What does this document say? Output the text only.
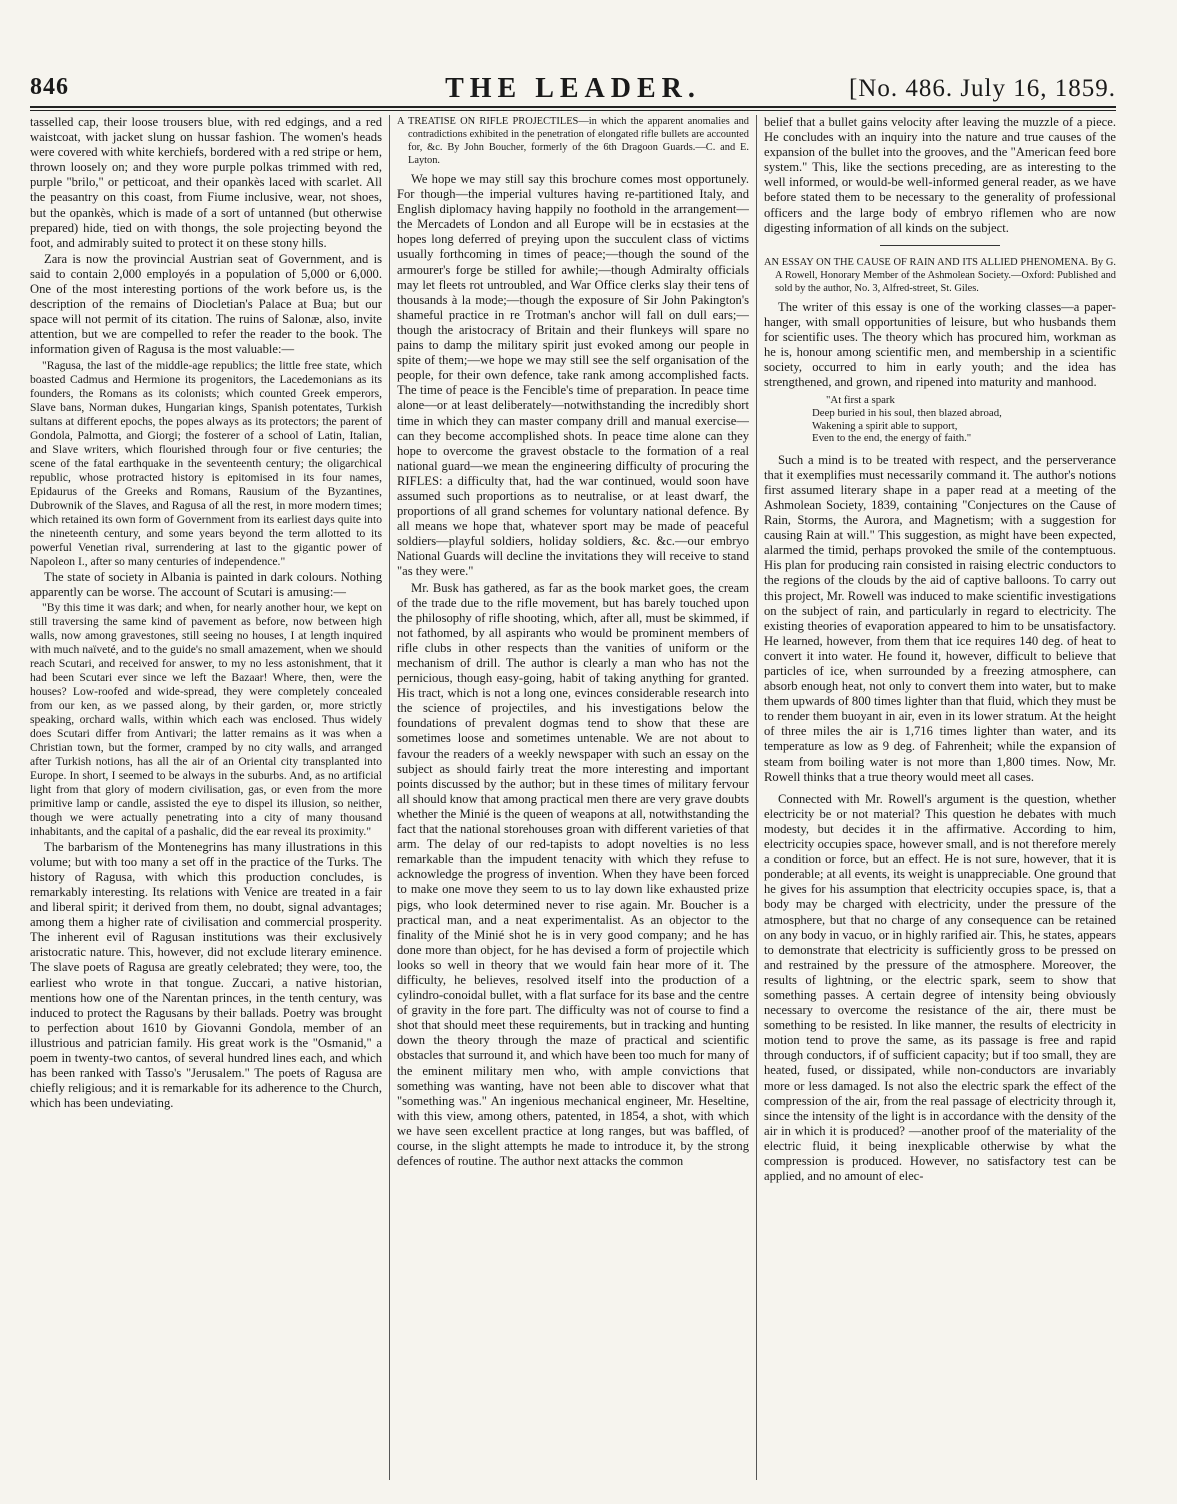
846	THE LEADER.	[No. 486. July 16, 1859.

tasselled cap, their loose trousers blue, with red edgings, and a red waistcoat, with jacket slung on hussar fashion. The women's heads were covered with white kerchiefs, bordered with a red stripe or hem, thrown loosely on; and they wore purple polkas trimmed with red, purple "brilo," or petticoat, and their opankès laced with scarlet. All the peasantry on this coast, from Fiume inclusive, wear, not shoes, but the opankès, which is made of a sort of untanned (but otherwise prepared) hide, tied on with thongs, the sole projecting beyond the foot, and admirably suited to protect it on these stony hills.

Zara is now the provincial Austrian seat of Government, and is said to contain 2,000 employés in a population of 5,000 or 6,000. One of the most interesting portions of the work before us, is the description of the remains of Diocletian's Palace at Bua; but our space will not permit of its citation. The ruins of Salonæ, also, invite attention, but we are compelled to refer the reader to the book. The information given of Ragusa is the most valuable:—

"Ragusa, the last of the middle-age republics; the little free state, which boasted Cadmus and Hermione its progenitors, the Lacedemonians as its founders, the Romans as its colonists; which counted Greek emperors, Slave bans, Norman dukes, Hungarian kings, Spanish potentates, Turkish sultans at different epochs, the popes always as its protectors; the parent of Gondola, Palmotta, and Giorgi; the fosterer of a school of Latin, Italian, and Slave writers, which flourished through four or five centuries; the scene of the fatal earthquake in the seventeenth century; the oligarchical republic, whose protracted history is epitomised in its four names, Epidaurus of the Greeks and Romans, Rausium of the Byzantines, Dubrownik of the Slaves, and Ragusa of all the rest, in more modern times; which retained its own form of Government from its earliest days quite into the nineteenth century, and some years beyond the term allotted to its powerful Venetian rival, surrendering at last to the gigantic power of Napoleon I., after so many centuries of independence."

The state of society in Albania is painted in dark colours. Nothing apparently can be worse. The account of Scutari is amusing:—

"By this time it was dark; and when, for nearly another hour, we kept on still traversing the same kind of pavement as before, now between high walls, now among gravestones, still seeing no houses, I at length inquired with much naïveté, and to the guide's no small amazement, when we should reach Scutari, and received for answer, to my no less astonishment, that it had been Scutari ever since we left the Bazaar! Where, then, were the houses? Low-roofed and wide-spread, they were completely concealed from our ken, as we passed along, by their garden, or, more strictly speaking, orchard walls, within which each was enclosed. Thus widely does Scutari differ from Antivari; the latter remains as it was when a Christian town, but the former, cramped by no city walls, and arranged after Turkish notions, has all the air of an Oriental city transplanted into Europe. In short, I seemed to be always in the suburbs. And, as no artificial light from that glory of modern civilisation, gas, or even from the more primitive lamp or candle, assisted the eye to dispel its illusion, so neither, though we were actually penetrating into a city of many thousand inhabitants, and the capital of a pashalic, did the ear reveal its proximity."

The barbarism of the Montenegrins has many illustrations in this volume; but with too many a set off in the practice of the Turks. The history of Ragusa, with which this production concludes, is remarkably interesting. Its relations with Venice are treated in a fair and liberal spirit; it derived from them, no doubt, signal advantages; among them a higher rate of civilisation and commercial prosperity. The inherent evil of Ragusan institutions was their exclusively aristocratic nature. This, however, did not exclude literary eminence. The slave poets of Ragusa are greatly celebrated; they were, too, the earliest who wrote in that tongue. Zuccari, a native historian, mentions how one of the Narentan princes, in the tenth century, was induced to protect the Ragusans by their ballads. Poetry was brought to perfection about 1610 by Giovanni Gondola, member of an illustrious and patrician family. His great work is the "Osmanid," a poem in twenty-two cantos, of several hundred lines each, and which has been ranked with Tasso's "Jerusalem." The poets of Ragusa are chiefly religious; and it is remarkable for its adherence to the Church, which has been undeviating.

A TREATISE ON RIFLE PROJECTILES—in which the apparent anomalies and contradictions exhibited in the penetration of elongated rifle bullets are accounted for, &c. By John Boucher, formerly of the 6th Dragoon Guards.—C. and E. Layton.

We hope we may still say this brochure comes most opportunely. For though—the imperial vultures having re-partitioned Italy, and English diplomacy having happily no foothold in the arrangement—the Mercadets of London and all Europe will be in ecstasies at the hopes long deferred of preying upon the succulent class of victims usually forthcoming in times of peace;—though the sound of the armourer's forge be stilled for awhile;—though Admiralty officials may let fleets rot untroubled, and War Office clerks slay their tens of thousands à la mode;—though the exposure of Sir John Pakington's shameful practice in re Trotman's anchor will fall on dull ears;—though the aristocracy of Britain and their flunkeys will spare no pains to damp the military spirit just evoked among our people in spite of them;—we hope we may still see the self organisation of the people, for their own defence, take rank among accomplished facts. The time of peace is the Fencible's time of preparation. In peace time alone—or at least deliberately—notwithstanding the incredibly short time in which they can master company drill and manual exercise—can they become accomplished shots. In peace time alone can they hope to overcome the gravest obstacle to the formation of a real national guard—we mean the engineering difficulty of procuring the RIFLES: a difficulty that, had the war continued, would soon have assumed such proportions as to neutralise, or at least dwarf, the proportions of all grand schemes for voluntary national defence. By all means we hope that, whatever sport may be made of peaceful soldiers—playful soldiers, holiday soldiers, &c. &c.—our embryo National Guards will decline the invitations they will receive to stand "as they were."

Mr. Busk has gathered, as far as the book market goes, the cream of the trade due to the rifle movement, but has barely touched upon the philosophy of rifle shooting, which, after all, must be skimmed, if not fathomed, by all aspirants who would be prominent members of rifle clubs in other respects than the vanities of uniform or the mechanism of drill. The author is clearly a man who has not the pernicious, though easy-going, habit of taking anything for granted. His tract, which is not a long one, evinces considerable research into the science of projectiles, and his investigations below the foundations of prevalent dogmas tend to show that these are sometimes loose and sometimes untenable. We are not about to favour the readers of a weekly newspaper with such an essay on the subject as should fairly treat the more interesting and important points discussed by the author; but in these times of military fervour all should know that among practical men there are very grave doubts whether the Minié is the queen of weapons at all, notwithstanding the fact that the national storehouses groan with different varieties of that arm. The delay of our red-tapists to adopt novelties is no less remarkable than the impudent tenacity with which they refuse to acknowledge the progress of invention. When they have been forced to make one move they seem to us to lay down like exhausted prize pigs, who look determined never to rise again. Mr. Boucher is a practical man, and a neat experimentalist. As an objector to the finality of the Minié shot he is in very good company; and he has done more than object, for he has devised a form of projectile which looks so well in theory that we would fain hear more of it. The difficulty, he believes, resolved itself into the production of a cylindro-conoidal bullet, with a flat surface for its base and the centre of gravity in the fore part. The difficulty was not of course to find a shot that should meet these requirements, but in tracking and hunting down the theory through the maze of practical and scientific obstacles that surround it, and which have been too much for many of the eminent military men who, with ample convictions that something was wanting, have not been able to discover what that "something was." An ingenious mechanical engineer, Mr. Heseltine, with this view, among others, patented, in 1854, a shot, with which we have seen excellent practice at long ranges, but was baffled, of course, in the slight attempts he made to introduce it, by the strong defences of routine. The author next attacks the common

belief that a bullet gains velocity after leaving the muzzle of a piece. He concludes with an inquiry into the nature and true causes of the expansion of the bullet into the grooves, and the "American feed bore system." This, like the sections preceding, are as interesting to the well informed, or would-be well-informed general reader, as we have before stated them to be necessary to the generality of professional officers and the large body of embryo riflemen who are now digesting information of all kinds on the subject.

AN ESSAY ON THE CAUSE OF RAIN AND ITS ALLIED PHENOMENA. By G. A Rowell, Honorary Member of the Ashmolean Society.—Oxford: Published and sold by the author, No. 3, Alfred-street, St. Giles.

The writer of this essay is one of the working classes—a paper-hanger, with small opportunities of leisure, but who husbands them for scientific uses. The theory which has procured him, workman as he is, honour among scientific men, and membership in a scientific society, occurred to him in early youth; and the idea has strengthened, and grown, and ripened into maturity and manhood.

"At first a spark
Deep buried in his soul, then blazed abroad,
Wakening a spirit able to support,
Even to the end, the energy of faith."

Such a mind is to be treated with respect, and the perserverance that it exemplifies must necessarily command it. The author's notions first assumed literary shape in a paper read at a meeting of the Ashmolean Society, 1839, containing "Conjectures on the Cause of Rain, Storms, the Aurora, and Magnetism; with a suggestion for causing Rain at will." This suggestion, as might have been expected, alarmed the timid, perhaps provoked the smile of the contemptuous. His plan for producing rain consisted in raising electric conductors to the regions of the clouds by the aid of captive balloons. To carry out this project, Mr. Rowell was induced to make scientific investigations on the subject of rain, and particularly in regard to electricity. The existing theories of evaporation appeared to him to be unsatisfactory. He learned, however, from them that ice requires 140 deg. of heat to convert it into water. He found it, however, difficult to believe that particles of ice, when surrounded by a freezing atmosphere, can absorb enough heat, not only to convert them into water, but to make them upwards of 800 times lighter than that fluid, which they must be to render them buoyant in air, even in its lower stratum. At the height of three miles the air is 1,716 times lighter than water, and its temperature as low as 9 deg. of Fahrenheit; while the expansion of steam from boiling water is not more than 1,800 times. Now, Mr. Rowell thinks that a true theory would meet all cases.

Connected with Mr. Rowell's argument is the question, whether electricity be or not material? This question he debates with much modesty, but decides it in the affirmative. According to him, electricity occupies space, however small, and is not therefore merely a condition or force, but an effect. He is not sure, however, that it is ponderable; at all events, its weight is unappreciable. One ground that he gives for his assumption that electricity occupies space, is, that a body may be charged with electricity, under the pressure of the atmosphere, but that no charge of any consequence can be retained on any body in vacuo, or in highly rarified air. This, he states, appears to demonstrate that electricity is sufficiently gross to be pressed on and restrained by the pressure of the atmosphere. Moreover, the results of lightning, or the electric spark, seem to show that something passes. A certain degree of intensity being obviously necessary to overcome the resistance of the air, there must be something to be resisted. In like manner, the results of electricity in motion tend to prove the same, as its passage is free and rapid through conductors, if of sufficient capacity; but if too small, they are heated, fused, or dissipated, while non-conductors are invariably more or less damaged. Is not also the electric spark the effect of the compression of the air, from the real passage of electricity through it, since the intensity of the light is in accordance with the density of the air in which it is produced? —another proof of the materiality of the electric fluid, it being inexplicable otherwise by what the compression is produced. However, no satisfactory test can be applied, and no amount of elec-
